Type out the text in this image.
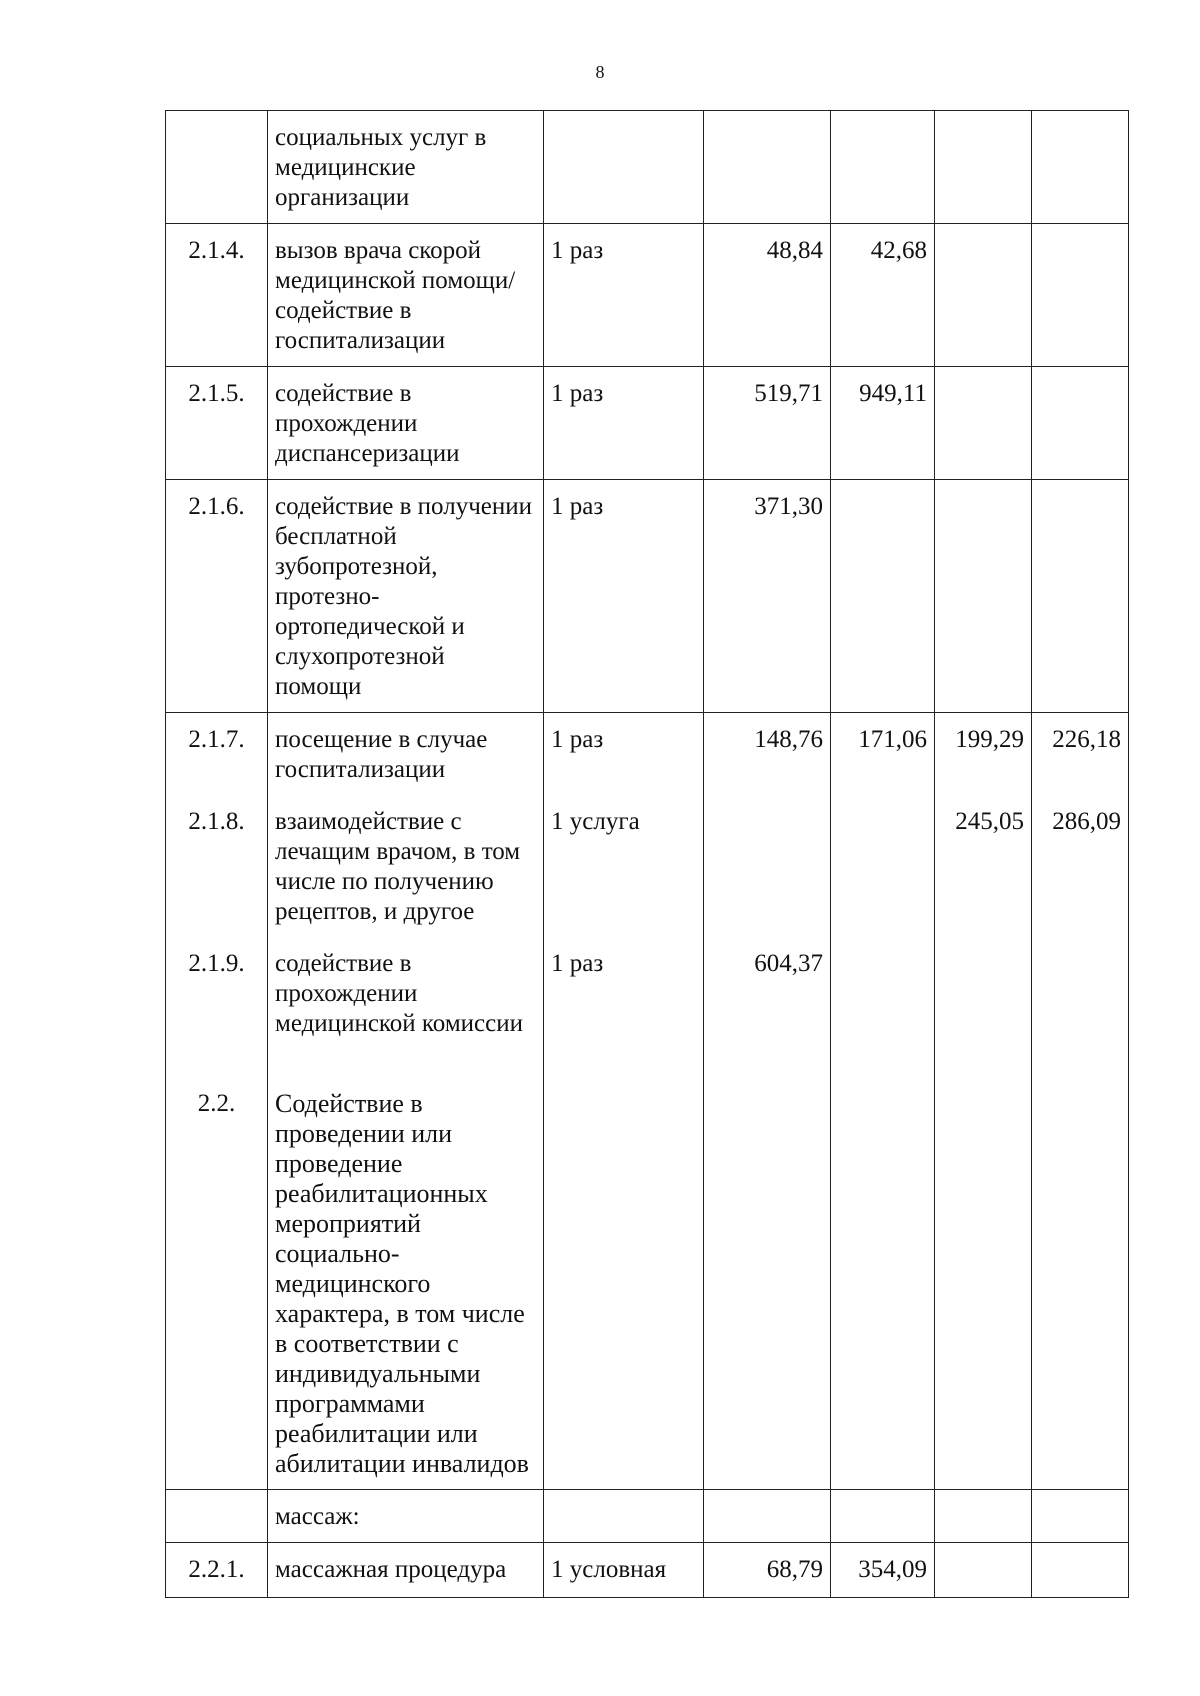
8
	социальных услуг в медицинские организации					
2.1.4.	вызов врача скорой медицинской помощи/содействие в госпитализации	1 раз	48,84	42,68		
2.1.5.	содействие в прохождении диспансеризации	1 раз	519,71	949,11		
2.1.6.	содействие в получении бесплатной зубопротезной, протезно-ортопедической и слухопротезной помощи	1 раз	371,30			
2.1.7.	посещение в случае госпитализации	1 раз	148,76	171,06	199,29	226,18
2.1.8.	взаимодействие с лечащим врачом, в том числе по получению рецептов, и другое	1 услуга			245,05	286,09
2.1.9.	содействие в прохождении медицинской комиссии	1 раз	604,37			
2.2.	Содействие в проведении или проведение реабилитационных мероприятий социально-медицинского характера, в том числе в соответствии с индивидуальными программами реабилитации или абилитации инвалидов					
	массаж:					
2.2.1.	массажная процедура	1 условная	68,79	354,09		
